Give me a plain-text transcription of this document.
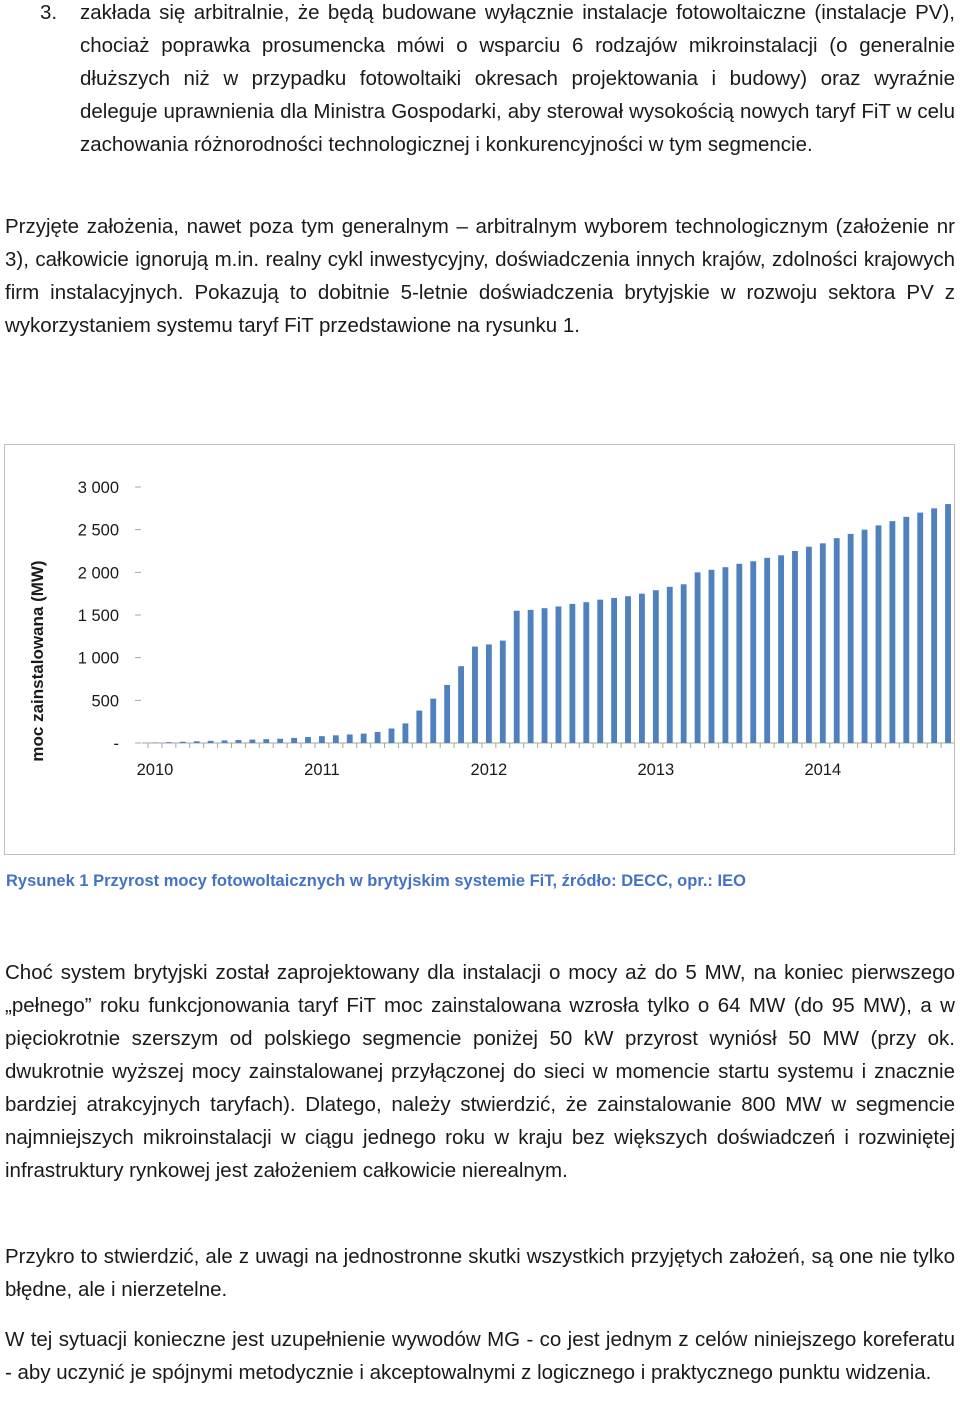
3. zakłada się arbitralnie, że będą budowane wyłącznie instalacje fotowoltaiczne (instalacje PV), chociaż poprawka prosumencka mówi o wsparciu 6 rodzajów mikroinstalacji (o generalnie dłuższych niż w przypadku fotowoltaiki okresach projektowania i budowy) oraz wyraźnie deleguje uprawnienia dla Ministra Gospodarki, aby sterował wysokością nowych taryf FiT w celu zachowania różnorodności technologicznej i konkurencyjności w tym segmencie.

Przyjęte założenia, nawet poza tym generalnym – arbitralnym wyborem technologicznym (założenie nr 3), całkowicie ignorują m.in. realny cykl inwestycyjny, doświadczenia innych krajów, zdolności krajowych firm instalacyjnych. Pokazują to dobitnie 5-letnie doświadczenia brytyjskie w rozwoju sektora PV z wykorzystaniem systemu taryf FiT przedstawione na rysunku 1.

-
500
1 000
1 500
2 000
2 500
3 000
moc zainstalowana (MW)
2010	2011	2012	2013	2014

Rysunek 1 Przyrost mocy fotowoltaicznych w brytyjskim systemie FiT, źródło: DECC, opr.: IEO

Choć system brytyjski został zaprojektowany dla instalacji o mocy aż do 5 MW, na koniec pierwszego „pełnego” roku funkcjonowania taryf FiT moc zainstalowana wzrosła tylko o 64 MW (do 95 MW), a w pięciokrotnie szerszym od polskiego segmencie poniżej 50 kW przyrost wyniósł 50 MW (przy ok. dwukrotnie wyższej mocy zainstalowanej przyłączonej do sieci w momencie startu systemu i znacznie bardziej atrakcyjnych taryfach). Dlatego, należy stwierdzić, że zainstalowanie 800 MW w segmencie najmniejszych mikroinstalacji w ciągu jednego roku w kraju bez większych doświadczeń i rozwiniętej infrastruktury rynkowej jest założeniem całkowicie nierealnym.

Przykro to stwierdzić, ale z uwagi na jednostronne skutki wszystkich przyjętych założeń, są one nie tylko błędne, ale i nierzetelne.

W tej sytuacji konieczne jest uzupełnienie wywodów MG - co jest jednym z celów niniejszego koreferatu - aby uczynić je spójnymi metodycznie i akceptowalnymi z logicznego i praktycznego punktu widzenia.
